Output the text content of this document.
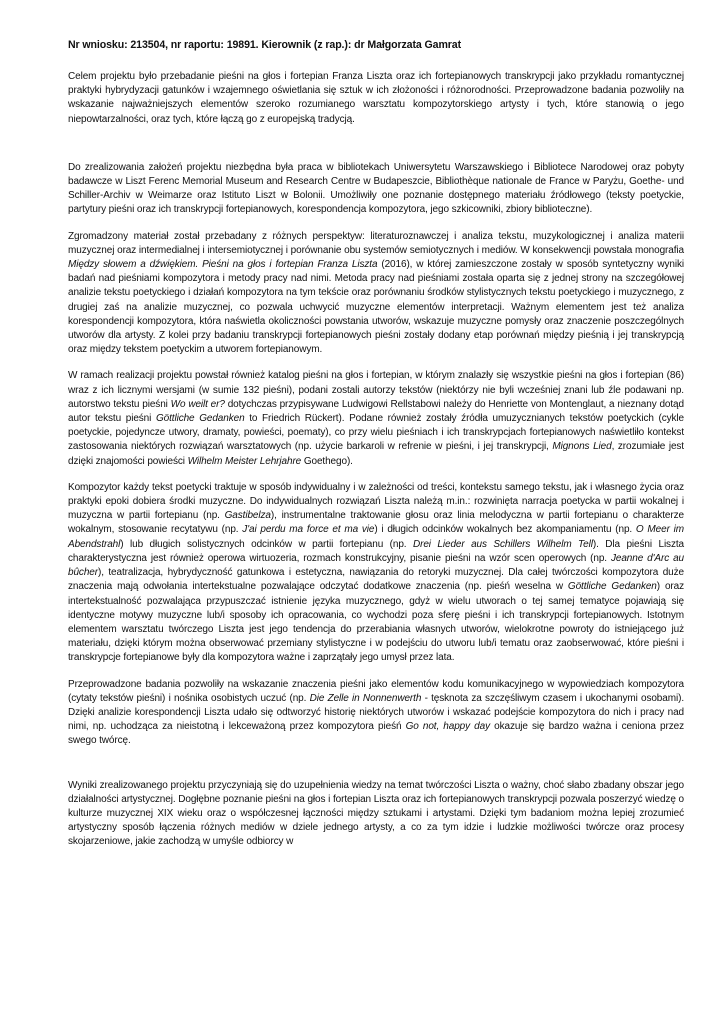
Nr wniosku: 213504, nr raportu: 19891. Kierownik (z rap.): dr Małgorzata Gamrat

Celem projektu było przebadanie pieśni na głos i fortepian Franza Liszta oraz ich fortepianowych transkrypcji jako przykładu romantycznej praktyki hybrydyzacji gatunków i wzajemnego oświetlania się sztuk w ich złożoności i różnorodności. Przeprowadzone badania pozwoliły na wskazanie najważniejszych elementów szeroko rozumianego warsztatu kompozytorskiego artysty i tych, które stanowią o jego niepowtarzalności, oraz tych, które łączą go z europejską tradycją.

Do zrealizowania założeń projektu niezbędna była praca w bibliotekach Uniwersytetu Warszawskiego i Bibliotece Narodowej oraz pobyty badawcze w Liszt Ferenc Memorial Museum and Research Centre w Budapeszcie, Bibliothèque nationale de France w Paryżu, Goethe- und Schiller-Archiv w Weimarze oraz Istituto Liszt w Bolonii. Umożliwiły one poznanie dostępnego materiału źródłowego (teksty poetyckie, partytury pieśni oraz ich transkrypcji fortepianowych, korespondencja kompozytora, jego szkicowniki, zbiory biblioteczne).

Zgromadzony materiał został przebadany z różnych perspektyw: literaturoznawczej i analiza tekstu, muzykologicznej i analiza materii muzycznej oraz intermedialnej i intersemiotycznej i porównanie obu systemów semiotycznych i mediów. W konsekwencji powstała monografia Między słowem a dźwiękiem. Pieśni na głos i fortepian Franza Liszta (2016), w której zamieszczone zostały w sposób syntetyczny wyniki badań nad pieśniami kompozytora i metody pracy nad nimi. Metoda pracy nad pieśniami została oparta się z jednej strony na szczegółowej analizie tekstu poetyckiego i działań kompozytora na tym tekście oraz porównaniu środków stylistycznych tekstu poetyckiego i muzycznego, z drugiej zaś na analizie muzycznej, co pozwala uchwycić muzyczne elementów interpretacji. Ważnym elementem jest też analiza korespondencji kompozytora, która naświetla okoliczności powstania utworów, wskazuje muzyczne pomysły oraz znaczenie poszczególnych utworów dla artysty. Z kolei przy badaniu transkrypcji fortepianowych pieśni zostały dodany etap porównań między pieśnią i jej transkrypcją oraz między tekstem poetyckim a utworem fortepianowym.

W ramach realizacji projektu powstał również katalog pieśni na głos i fortepian, w którym znalazły się wszystkie pieśni na głos i fortepian (86) wraz z ich licznymi wersjami (w sumie 132 pieśni), podani zostali autorzy tekstów (niektórzy nie byli wcześniej znani lub źle podawani np. autorstwo tekstu pieśni Wo weilt er? dotychczas przypisywane Ludwigowi Rellstabowi należy do Henriette von Montenglaut, a nieznany dotąd autor tekstu pieśni Göttliche Gedanken to Friedrich Rückert). Podane również zostały źródła umuzycznianych tekstów poetyckich (cykle poetyckie, pojedyncze utwory, dramaty, powieści, poematy), co przy wielu pieśniach i ich transkrypcjach fortepianowych naświetliło kontekst zastosowania niektórych rozwiązań warsztatowych (np. użycie barkaroli w refrenie w pieśni, i jej transkrypcji, Mignons Lied, zrozumiałe jest dzięki znajomości powieści Wilhelm Meister Lehrjahre Goethego).

Kompozytor każdy tekst poetycki traktuje w sposób indywidualny i w zależności od treści, kontekstu samego tekstu, jak i własnego życia oraz praktyki epoki dobiera środki muzyczne. Do indywidualnych rozwiązań Liszta należą m.in.: rozwinięta narracja poetycka w partii wokalnej i muzyczna w partii fortepianu (np. Gastibelza), instrumentalne traktowanie głosu oraz linia melodyczna w partii fortepianu o charakterze wokalnym, stosowanie recytatywu (np. J'ai perdu ma force et ma vie) i długich odcinków wokalnych bez akompaniamentu (np. O Meer im Abendstrahl) lub długich solistycznych odcinków w partii fortepianu (np. Drei Lieder aus Schillers Wilhelm Tell). Dla pieśni Liszta charakterystyczna jest również operowa wirtuozeria, rozmach konstrukcyjny, pisanie pieśni na wzór scen operowych (np. Jeanne d'Arc au bûcher), teatralizacja, hybrydyczność gatunkowa i estetyczna, nawiązania do retoryki muzycznej. Dla całej twórczości kompozytora duże znaczenia mają odwołania intertekstualne pozwalające odczytać dodatkowe znaczenia (np. pieśń weselna w Göttliche Gedanken) oraz intertekstualność pozwalająca przypuszczać istnienie języka muzycznego, gdyż w wielu utworach o tej samej tematyce pojawiają się identyczne motywy muzyczne lub/i sposoby ich opracowania, co wychodzi poza sferę pieśni i ich transkrypcji fortepianowych. Istotnym elementem warsztatu twórczego Liszta jest jego tendencja do przerabiania własnych utworów, wielokrotne powroty do istniejącego już materiału, dzięki którym można obserwować przemiany stylistyczne i w podejściu do utworu lub/i tematu oraz zaobserwować, które pieśni i transkrypcje fortepianowe były dla kompozytora ważne i zaprzątały jego umysł przez lata.

Przeprowadzone badania pozwoliły na wskazanie znaczenia pieśni jako elementów kodu komunikacyjnego w wypowiedziach kompozytora (cytaty tekstów pieśni) i nośnika osobistych uczuć (np. Die Zelle in Nonnenwerth - tęsknota za szczęśliwym czasem i ukochanymi osobami). Dzięki analizie korespondencji Liszta udało się odtworzyć historię niektórych utworów i wskazać podejście kompozytora do nich i pracy nad nimi, np. uchodząca za nieistotną i lekceważoną przez kompozytora pieśń Go not, happy day okazuje się bardzo ważna i ceniona przez swego twórcę.

Wyniki zrealizowanego projektu przyczyniają się do uzupełnienia wiedzy na temat twórczości Liszta o ważny, choć słabo zbadany obszar jego działalności artystycznej. Dogłębne poznanie pieśni na głos i fortepian Liszta oraz ich fortepianowych transkrypcji pozwala poszerzyć wiedzę o kulturze muzycznej XIX wieku oraz o współczesnej łączności między sztukami i artystami. Dzięki tym badaniom można lepiej zrozumieć artystyczny sposób łączenia różnych mediów w dziele jednego artysty, a co za tym idzie i ludzkie możliwości twórcze oraz procesy skojarzeniowe, jakie zachodzą w umyśle odbiorcy w
